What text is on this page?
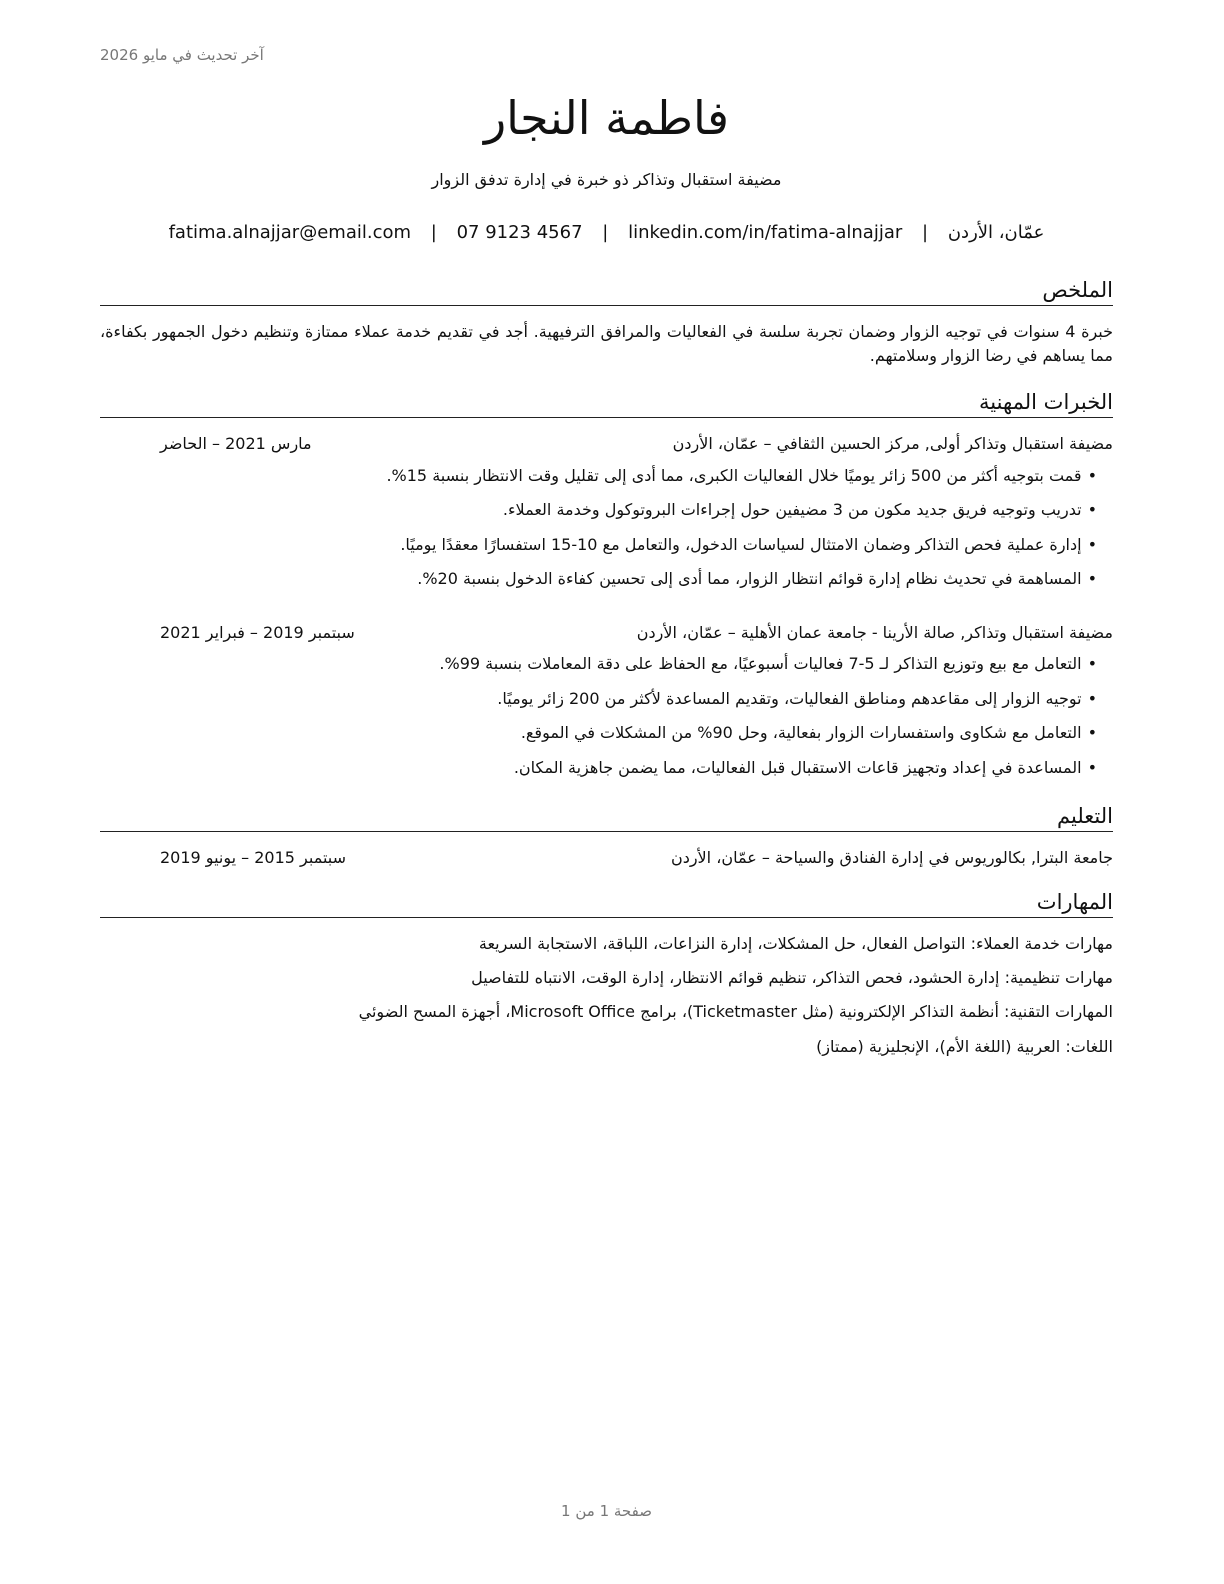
آخر تحديث في مايو 2026
فاطمة النجار
مضيفة استقبال وتذاكر ذو خبرة في إدارة تدفق الزوار
عمّان، الأردن | fatima.alnajjar@email.com | 07 9123 4567 | linkedin.com/in/fatima-alnajjar
الملخص
خبرة 4 سنوات في توجيه الزوار وضمان تجربة سلسة في الفعاليات والمرافق الترفيهية. أجد في تقديم خدمة عملاء ممتازة وتنظيم دخول الجمهور بكفاءة، مما يساهم في رضا الزوار وسلامتهم.
الخبرات المهنية
مضيفة استقبال وتذاكر أولى, مركز الحسين الثقافي – عمّان، الأردن
مارس 2021 – الحاضر
•قمت بتوجيه أكثر من 500 زائر يوميًا خلال الفعاليات الكبرى، مما أدى إلى تقليل وقت الانتظار بنسبة 15%.
•تدريب وتوجيه فريق جديد مكون من 3 مضيفين حول إجراءات البروتوكول وخدمة العملاء.
•إدارة عملية فحص التذاكر وضمان الامتثال لسياسات الدخول، والتعامل مع 10-15 استفسارًا معقدًا يوميًا.
•المساهمة في تحديث نظام إدارة قوائم انتظار الزوار، مما أدى إلى تحسين كفاءة الدخول بنسبة 20%.
مضيفة استقبال وتذاكر, صالة الأرينا - جامعة عمان الأهلية – عمّان، الأردن
سبتمبر 2019 – فبراير 2021
•التعامل مع بيع وتوزيع التذاكر لـ 5-7 فعاليات أسبوعيًا، مع الحفاظ على دقة المعاملات بنسبة 99%.
•توجيه الزوار إلى مقاعدهم ومناطق الفعاليات، وتقديم المساعدة لأكثر من 200 زائر يوميًا.
•التعامل مع شكاوى واستفسارات الزوار بفعالية، وحل 90% من المشكلات في الموقع.
•المساعدة في إعداد وتجهيز قاعات الاستقبال قبل الفعاليات، مما يضمن جاهزية المكان.
التعليم
جامعة البترا, بكالوريوس في إدارة الفنادق والسياحة – عمّان، الأردن
سبتمبر 2015 – يونيو 2019
المهارات
مهارات خدمة العملاء: التواصل الفعال، حل المشكلات، إدارة النزاعات، اللباقة، الاستجابة السريعة
مهارات تنظيمية: إدارة الحشود، فحص التذاكر، تنظيم قوائم الانتظار، إدارة الوقت، الانتباه للتفاصيل
المهارات التقنية: أنظمة التذاكر الإلكترونية (مثل Ticketmaster)، برامج Microsoft Office، أجهزة المسح الضوئي
اللغات: العربية (اللغة الأم)، الإنجليزية (ممتاز)
صفحة 1 من 1
